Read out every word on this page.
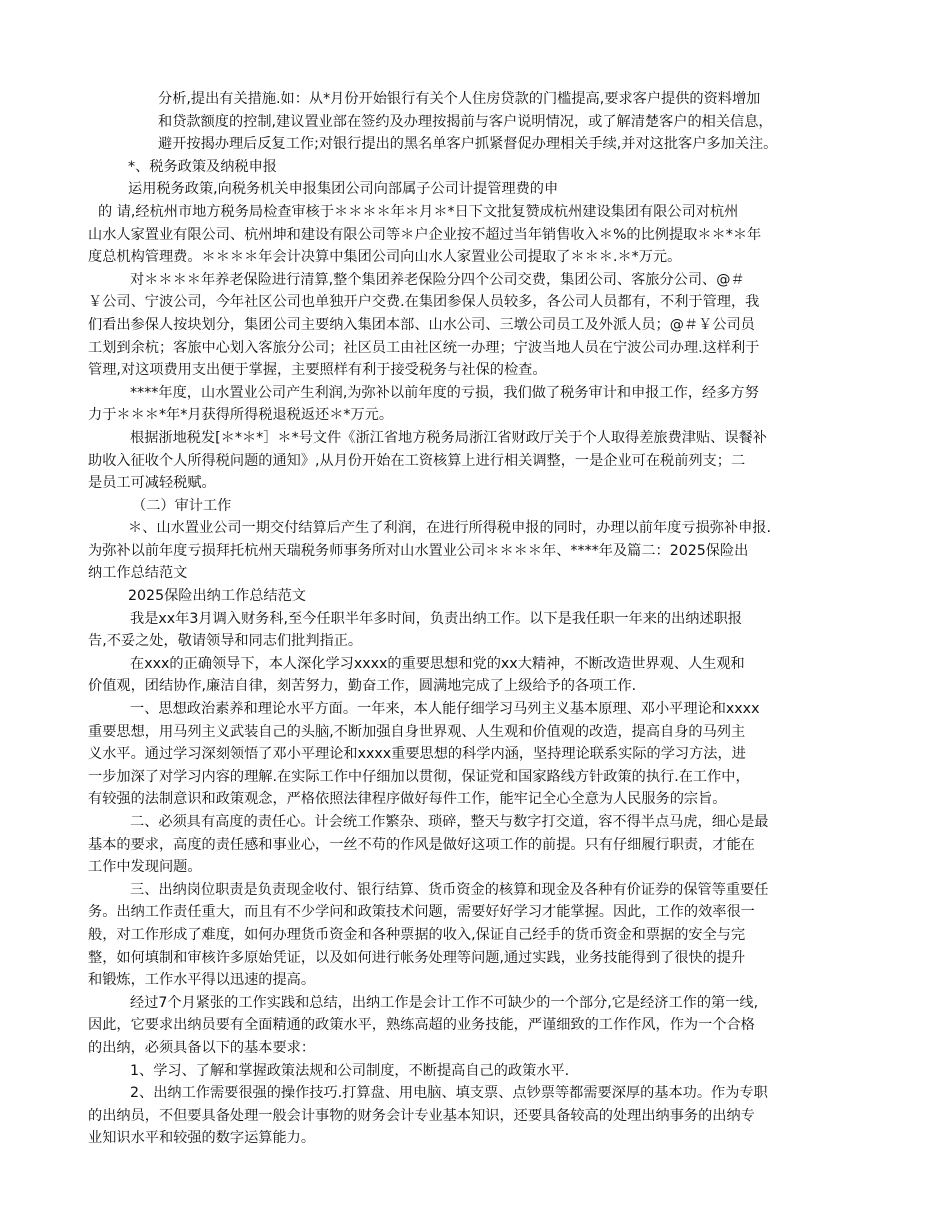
分析,提出有关措施.如：从*月份开始银行有关个人住房贷款的门槛提高,要求客户提供的资料增加
和贷款额度的控制,建议置业部在签约及办理按揭前与客户说明情况，或了解清楚客户的相关信息，
避开按揭办理后反复工作;对银行提出的黑名单客户抓紧督促办理相关手续,并对这批客户多加关注。
*、税务政策及纳税申报
运用税务政策,向税务机关申报集团公司向部属子公司计提管理费的申
的 请,经杭州市地方税务局检查审核于＊＊＊＊年＊月＊*日下文批复赞成杭州建设集团有限公司对杭州
山水人家置业有限公司、杭州坤和建设有限公司等＊户企业按不超过当年销售收入＊%的比例提取＊＊*＊年
度总机构管理费。＊＊＊＊年会计决算中集团公司向山水人家置业公司提取了＊＊＊.＊*万元。
对＊＊＊＊年养老保险进行清算,整个集团养老保险分四个公司交费，集团公司、客旅分公司、@＃
￥公司、宁波公司，今年社区公司也单独开户交费.在集团参保人员较多，各公司人员都有，不利于管理，我
们看出参保人按块划分，集团公司主要纳入集团本部、山水公司、三墩公司员工及外派人员；@＃￥公司员
工划到余杭；客旅中心划入客旅分公司；社区员工由社区统一办理；宁波当地人员在宁波公司办理.这样利于
管理,对这项费用支出便于掌握，主要照样有利于接受税务与社保的检查。
****年度，山水置业公司产生利润,为弥补以前年度的亏损，我们做了税务审计和申报工作，经多方努
力于＊＊＊*年*月获得所得税退税返还＊*万元。
根据浙地税发[＊*＊*］＊*号文件《浙江省地方税务局浙江省财政厅关于个人取得差旅费津贴、误餐补
助收入征收个人所得税问题的通知》,从月份开始在工资核算上进行相关调整，一是企业可在税前列支；二
是员工可减轻税赋。
（二）审计工作
＊、山水置业公司一期交付结算后产生了利润，在进行所得税申报的同时，办理以前年度亏损弥补申报.
为弥补以前年度亏损拜托杭州天瑞税务师事务所对山水置业公司＊＊＊＊年、****年及篇二：2025保险出
纳工作总结范文
2025保险出纳工作总结范文
我是xx年3月调入财务科,至今任职半年多时间，负责出纳工作。以下是我任职一年来的出纳述职报
告,不妥之处，敬请领导和同志们批判指正。
在xxx的正确领导下，本人深化学习xxxx的重要思想和党的xx大精神，不断改造世界观、人生观和
价值观，团结协作,廉洁自律，刻苦努力，勤奋工作，圆满地完成了上级给予的各项工作.
一、思想政治素养和理论水平方面。一年来，本人能仔细学习马列主义基本原理、邓小平理论和xxxx
重要思想，用马列主义武装自己的头脑,不断加强自身世界观、人生观和价值观的改造，提高自身的马列主
义水平。通过学习深刻领悟了邓小平理论和xxxx重要思想的科学内涵，坚持理论联系实际的学习方法，进
一步加深了对学习内容的理解.在实际工作中仔细加以贯彻，保证党和国家路线方针政策的执行.在工作中，
有较强的法制意识和政策观念，严格依照法律程序做好每件工作，能牢记全心全意为人民服务的宗旨。
二、必须具有高度的责任心。计会统工作繁杂、琐碎，整天与数字打交道，容不得半点马虎，细心是最
基本的要求，高度的责任感和事业心，一丝不苟的作风是做好这项工作的前提。只有仔细履行职责，才能在
工作中发现问题。
三、出纳岗位职责是负责现金收付、银行结算、货币资金的核算和现金及各种有价证券的保管等重要任
务。出纳工作责任重大，而且有不少学问和政策技术问题，需要好好学习才能掌握。因此，工作的效率很一
般，对工作形成了难度，如何办理货币资金和各种票据的收入,保证自己经手的货币资金和票据的安全与完
整，如何填制和审核许多原始凭证，以及如何进行帐务处理等问题,通过实践，业务技能得到了很快的提升
和锻炼，工作水平得以迅速的提高。
经过7个月紧张的工作实践和总结，出纳工作是会计工作不可缺少的一个部分,它是经济工作的第一线,
因此，它要求出纳员要有全面精通的政策水平，熟练高超的业务技能，严谨细致的工作作风，作为一个合格
的出纳，必须具备以下的基本要求：
1、学习、了解和掌握政策法规和公司制度，不断提高自己的政策水平.
2、出纳工作需要很强的操作技巧.打算盘、用电脑、填支票、点钞票等都需要深厚的基本功。作为专职
的出纳员，不但要具备处理一般会计事物的财务会计专业基本知识，还要具备较高的处理出纳事务的出纳专
业知识水平和较强的数字运算能力。
